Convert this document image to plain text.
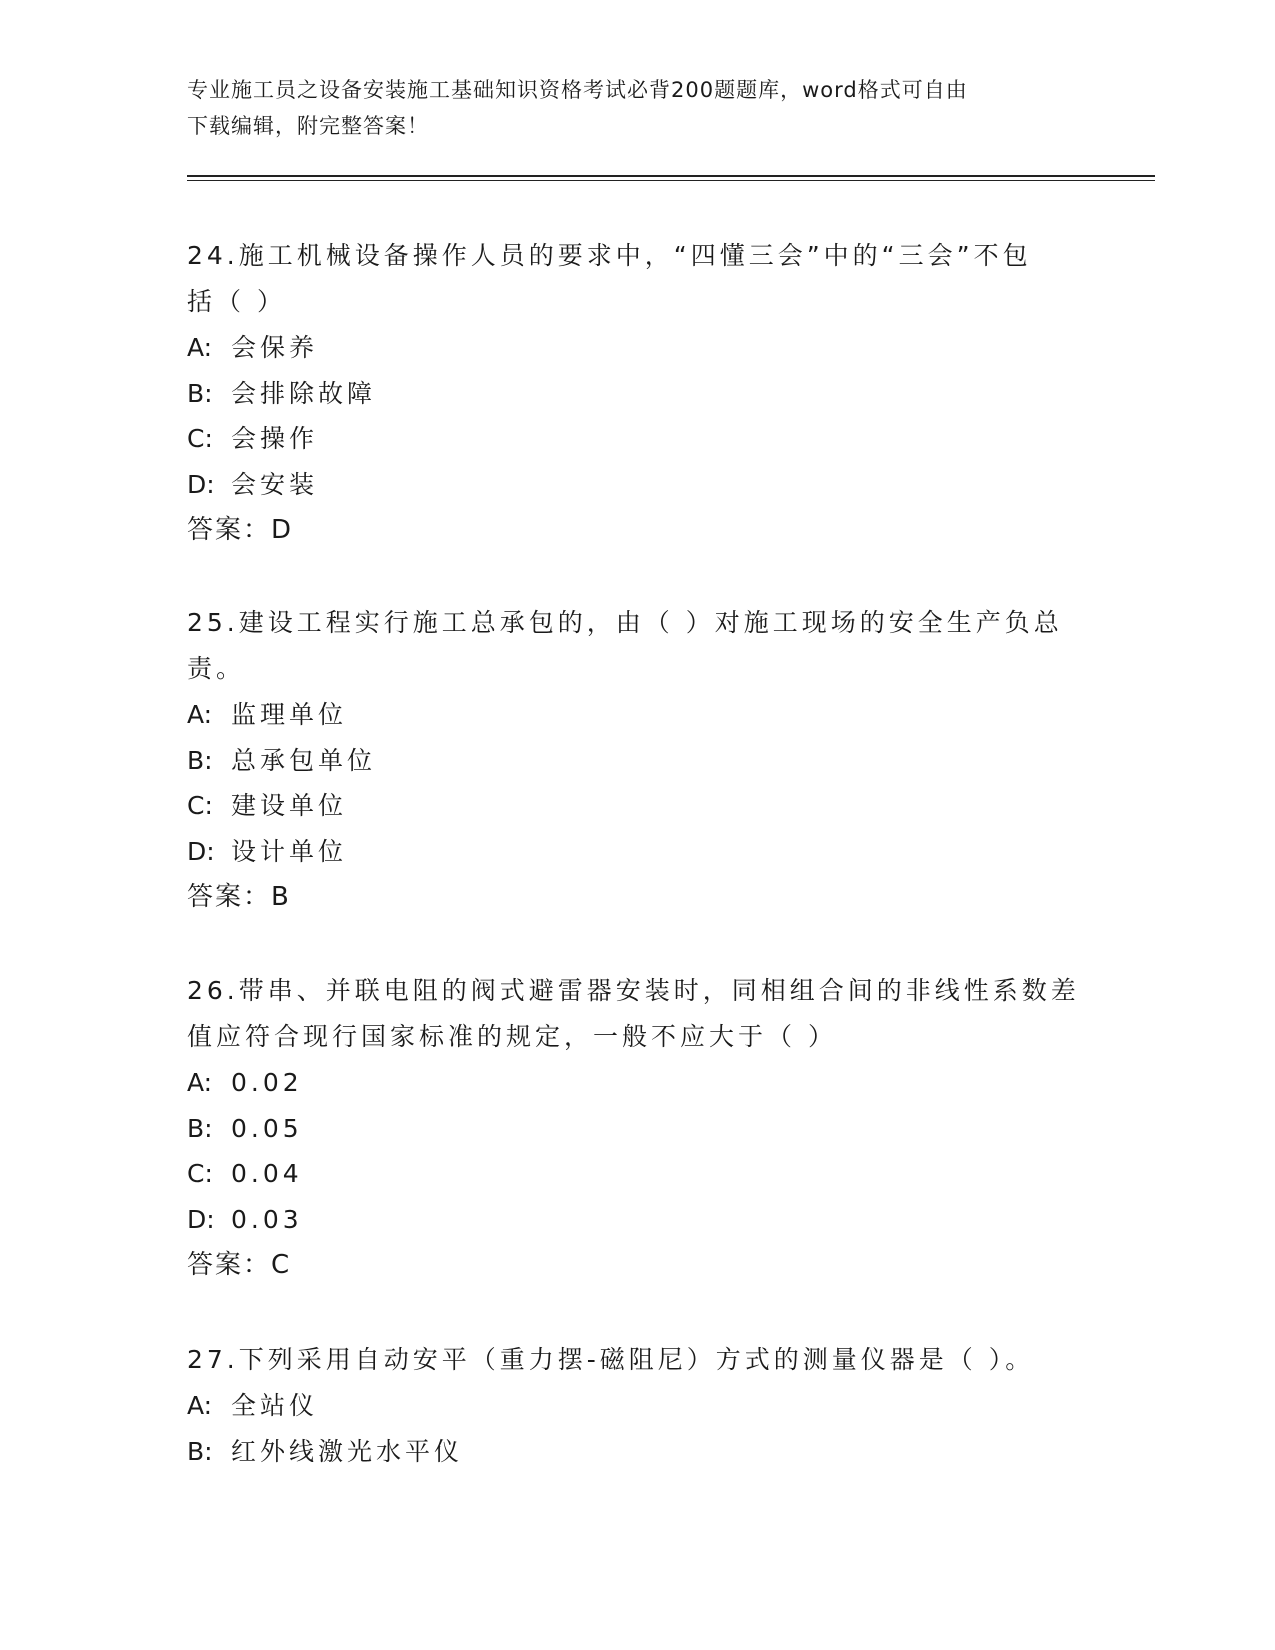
专业施工员之设备安装施工基础知识资格考试必背200题题库，word格式可自由
下载编辑，附完整答案！

24.施工机械设备操作人员的要求中，“四懂三会”中的“三会”不包
括（ ）

A: 会保养

B: 会排除故障

C: 会操作

D: 会安装

答案：D

25.建设工程实行施工总承包的，由（ ）对施工现场的安全生产负总
责。

A: 监理单位

B: 总承包单位

C: 建设单位

D: 设计单位

答案：B

26.带串、并联电阻的阀式避雷器安装时，同相组合间的非线性系数差
值应符合现行国家标准的规定，一般不应大于（ ）

A: 0.02

B: 0.05

C: 0.04

D: 0.03

答案：C

27.下列采用自动安平（重力摆-磁阻尼）方式的测量仪器是（ ）。

A: 全站仪

B: 红外线激光水平仪
